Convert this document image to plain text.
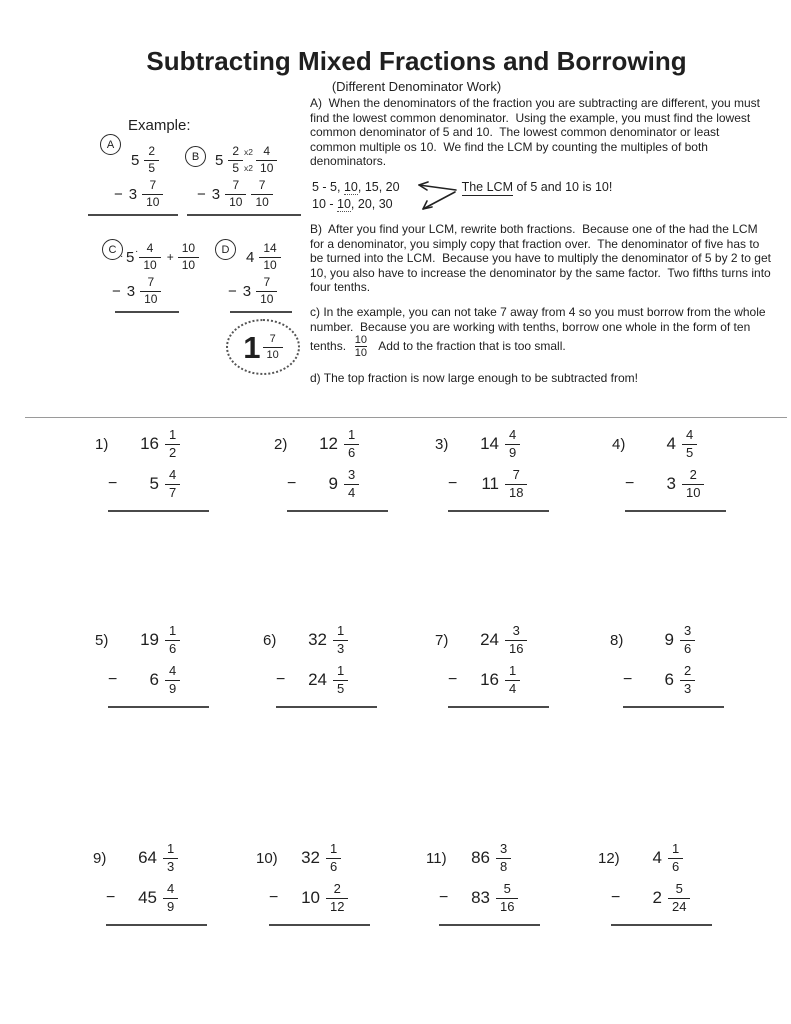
Subtracting Mixed Fractions and Borrowing
(Different Denominator Work)
Example:
A
$5 \frac{2}{5}$
− $3 \frac{7}{10}$
B	5
2
5
x2
$x2 \frac{4}{10}$
− $3 \frac{7}{10} \frac{7}{10}$
$C \cdot 5 \cdot \frac{4}{10} + \frac{10}{10}$
− $3 \frac{7}{10}$
D	$4 \frac{14}{10}$
− $3 \frac{7}{10}$
$1 \frac{7}{10}$

A)  When the denominators of the fraction you are subtracting are different, you must find the lowest common denominator.  Using the example, you must find the lowest common denominator of 5 and 10.  The lowest common denominator or least common multiple os 10.  We find the LCM by counting the multiples of both denominators.

5 - 5, 10, 15, 20
10 - 10, 20, 30
The LCM of 5 and 10 is 10!

B)  After you find your LCM, rewrite both fractions.  Because one of the had the LCM for a denominator, you simply copy that fraction over.  The denominator of five has to be turned into the LCM.  Because you have to multiply the denominator of 5 by 2 to get 10, you also have to increase the denominator by the same factor.  Two fifths turns into four tenths.

c) In the example, you can not take 7 away from 4 so you must borrow from the whole number.  Because you are working with tenths, borrow one whole in the form of ten tenths. $\frac{10}{10}$ Add to the fraction that is too small.

d) The top fraction is now large enough to be subtracted from!

1)	$16 \frac{1}{2}$
−	$5 \frac{4}{7}$
2)	$12 \frac{1}{6}$
−	$9 \frac{3}{4}$
3)	$14 \frac{4}{9}$
−	$11 \frac{7}{18}$
4)	$4 \frac{4}{5}$
−	$3 \frac{2}{10}$
5)	$19 \frac{1}{6}$
−	$6 \frac{4}{9}$
6)	$32 \frac{1}{3}$
−	$24 \frac{1}{5}$
7)	$24 \frac{3}{16}$
−	$16 \frac{1}{4}$
8)	$9 \frac{3}{6}$
−	$6 \frac{2}{3}$
9)	$64 \frac{1}{3}$
−	$45 \frac{4}{9}$
10)	$32 \frac{1}{6}$
−	$10 \frac{2}{12}$
11)	$86 \frac{3}{8}$
−	$83 \frac{5}{16}$
12)	$4 \frac{1}{6}$
−	$2 \frac{5}{24}$
